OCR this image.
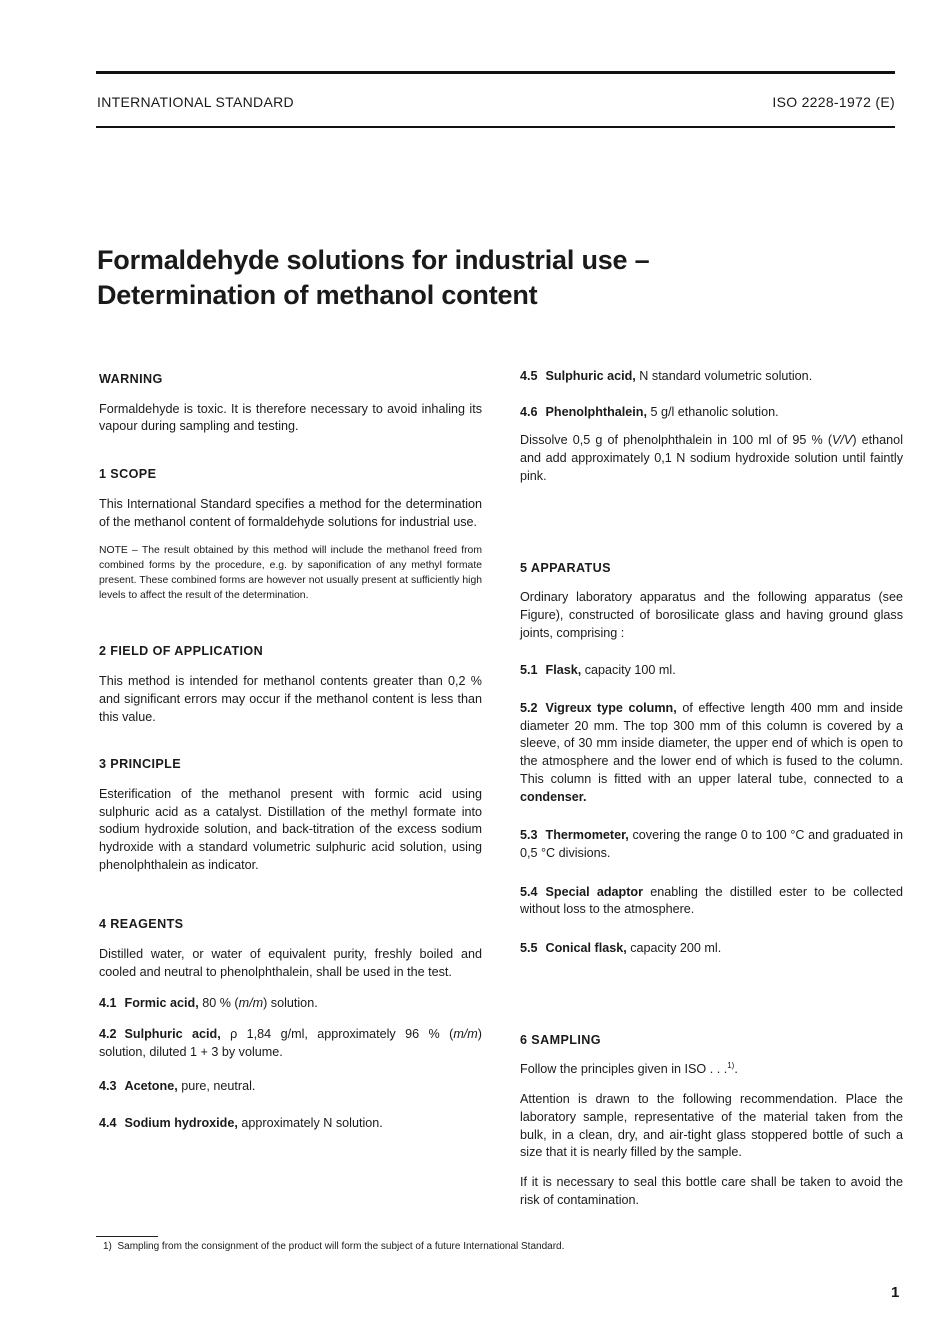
INTERNATIONAL STANDARD	ISO 2228-1972 (E)
Formaldehyde solutions for industrial use –
Determination of methanol content
WARNING

Formaldehyde is toxic. It is therefore necessary to avoid inhaling its vapour during sampling and testing.

1 SCOPE

This International Standard specifies a method for the determination of the methanol content of formaldehyde solutions for industrial use.

NOTE – The result obtained by this method will include the methanol freed from combined forms by the procedure, e.g. by saponification of any methyl formate present. These combined forms are however not usually present at sufficiently high levels to affect the result of the determination.

2 FIELD OF APPLICATION

This method is intended for methanol contents greater than 0,2 % and significant errors may occur if the methanol content is less than this value.

3 PRINCIPLE

Esterification of the methanol present with formic acid using sulphuric acid as a catalyst. Distillation of the methyl formate into sodium hydroxide solution, and back-titration of the excess sodium hydroxide with a standard volumetric sulphuric acid solution, using phenolphthalein as indicator.

4 REAGENTS

Distilled water, or water of equivalent purity, freshly boiled and cooled and neutral to phenolphthalein, shall be used in the test.

4.1 Formic acid, 80 % (m/m) solution.

4.2 Sulphuric acid, ρ 1,84 g/ml, approximately 96 % (m/m) solution, diluted 1 + 3 by volume.

4.3 Acetone, pure, neutral.

4.4 Sodium hydroxide, approximately N solution.

4.5 Sulphuric acid, N standard volumetric solution.

4.6 Phenolphthalein, 5 g/l ethanolic solution.

Dissolve 0,5 g of phenolphthalein in 100 ml of 95 % (V/V) ethanol and add approximately 0,1 N sodium hydroxide solution until faintly pink.

5 APPARATUS

Ordinary laboratory apparatus and the following apparatus (see Figure), constructed of borosilicate glass and having ground glass joints, comprising :

5.1 Flask, capacity 100 ml.

5.2 Vigreux type column, of effective length 400 mm and inside diameter 20 mm. The top 300 mm of this column is covered by a sleeve, of 30 mm inside diameter, the upper end of which is open to the atmosphere and the lower end of which is fused to the column. This column is fitted with an upper lateral tube, connected to a condenser.

5.3 Thermometer, covering the range 0 to 100 °C and graduated in 0,5 °C divisions.

5.4 Special adaptor enabling the distilled ester to be collected without loss to the atmosphere.

5.5 Conical flask, capacity 200 ml.

6 SAMPLING

Follow the principles given in ISO . . .$^{1)}$.

Attention is drawn to the following recommendation. Place the laboratory sample, representative of the material taken from the bulk, in a clean, dry, and air-tight glass stoppered bottle of such a size that it is nearly filled by the sample.

If it is necessary to seal this bottle care shall be taken to avoid the risk of contamination.

1) Sampling from the consignment of the product will form the subject of a future International Standard.
1
